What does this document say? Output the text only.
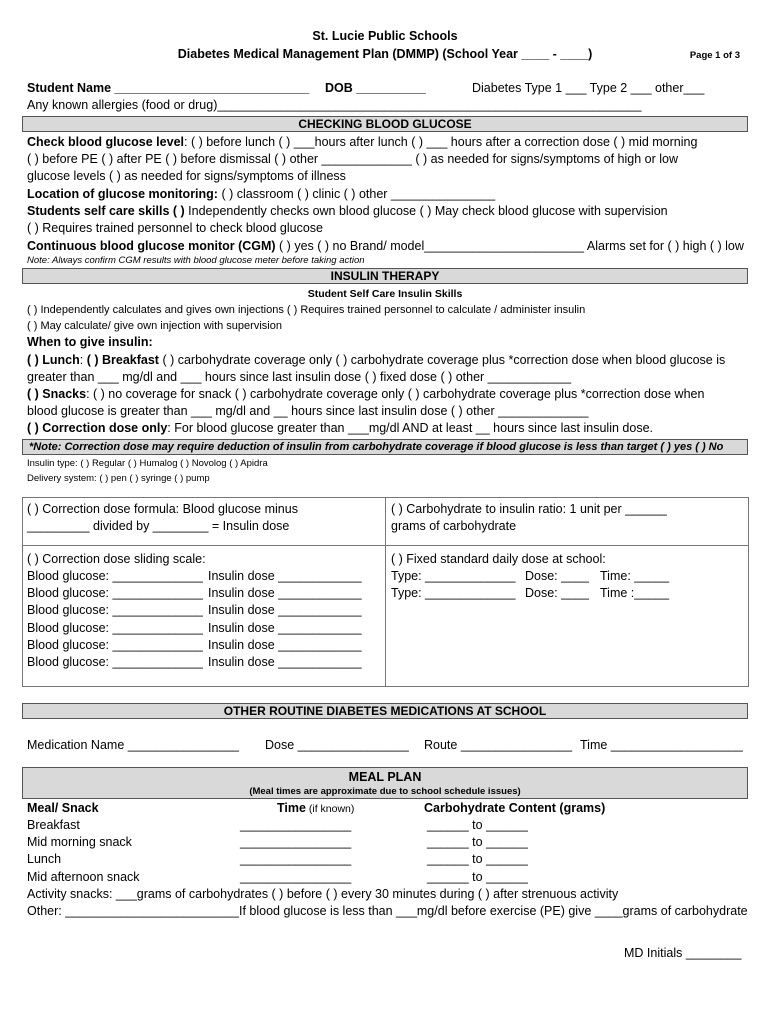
St. Lucie Public Schools
Diabetes Medical Management Plan (DMMP) (School Year ____ - ____)	Page 1 of 3
Student Name ____________________________ DOB __________	Diabetes Type 1 ___ Type 2 ___ other___
Any known allergies (food or drug)_____________________________________________________________
CHECKING BLOOD GLUCOSE
Check blood glucose level: ( ) before lunch ( ) ___hours after lunch ( ) ___ hours after a correction dose ( ) mid morning
( ) before PE ( ) after PE ( ) before dismissal ( ) other _____________ ( ) as needed for signs/symptoms of high or low
glucose levels ( ) as needed for signs/symptoms of illness
Location of glucose monitoring: ( ) classroom ( ) clinic ( ) other _______________
Students self care skills ( ) Independently checks own blood glucose ( ) May check blood glucose with supervision
( ) Requires trained personnel to check blood glucose
Continuous blood glucose monitor (CGM) ( ) yes ( ) no Brand/ model_______________________ Alarms set for ( ) high ( ) low
Note: Always confirm CGM results with blood glucose meter before taking action
INSULIN THERAPY
Student Self Care Insulin Skills
( ) Independently calculates and gives own injections ( ) Requires trained personnel to calculate / administer insulin
( ) May calculate/ give own injection with supervision
When to give insulin:
( ) Lunch: ( ) Breakfast ( ) carbohydrate coverage only ( ) carbohydrate coverage plus *correction dose when blood glucose is
greater than ___ mg/dl and ___ hours since last insulin dose ( ) fixed dose ( ) other ____________
( ) Snacks: ( ) no coverage for snack ( ) carbohydrate coverage only ( ) carbohydrate coverage plus *correction dose when
blood glucose is greater than ___ mg/dl and __ hours since last insulin dose ( ) other _____________
( ) Correction dose only: For blood glucose greater than ___mg/dl AND at least __ hours since last insulin dose.
*Note: Correction dose may require deduction of insulin from carbohydrate coverage if blood glucose is less than target ( ) yes ( ) No
Insulin type: ( ) Regular ( ) Humalog ( ) Novolog ( ) Apidra
Delivery system: ( ) pen ( ) syringe ( ) pump
( ) Correction dose formula: Blood glucose minus
_________ divided by ________ = Insulin dose
( ) Carbohydrate to insulin ratio: 1 unit per ______
grams of carbohydrate
( ) Correction dose sliding scale:
Blood glucose: _____________ Insulin dose ____________
Blood glucose: _____________ Insulin dose ____________
Blood glucose: _____________ Insulin dose ____________
Blood glucose: _____________ Insulin dose ____________
Blood glucose: _____________ Insulin dose ____________
Blood glucose: _____________ Insulin dose ____________
( ) Fixed standard daily dose at school:
Type: _____________ Dose: ____ Time: _____
Type: _____________ Dose: ____ Time :_____
OTHER ROUTINE DIABETES MEDICATIONS AT SCHOOL
Medication Name ________________ Dose ________________ Route ________________ Time ___________________
MEAL PLAN
(Meal times are approximate due to school schedule issues)
Meal/ Snack	Time (if known)	Carbohydrate Content (grams)
Breakfast	________________	______ to ______
Mid morning snack	________________	______ to ______
Lunch	________________	______ to ______
Mid afternoon snack	________________	______ to ______
Activity snacks: ___grams of carbohydrates ( ) before ( ) every 30 minutes during ( ) after strenuous activity
Other: _________________________If blood glucose is less than ___mg/dl before exercise (PE) give ____grams of carbohydrate
MD Initials ________
